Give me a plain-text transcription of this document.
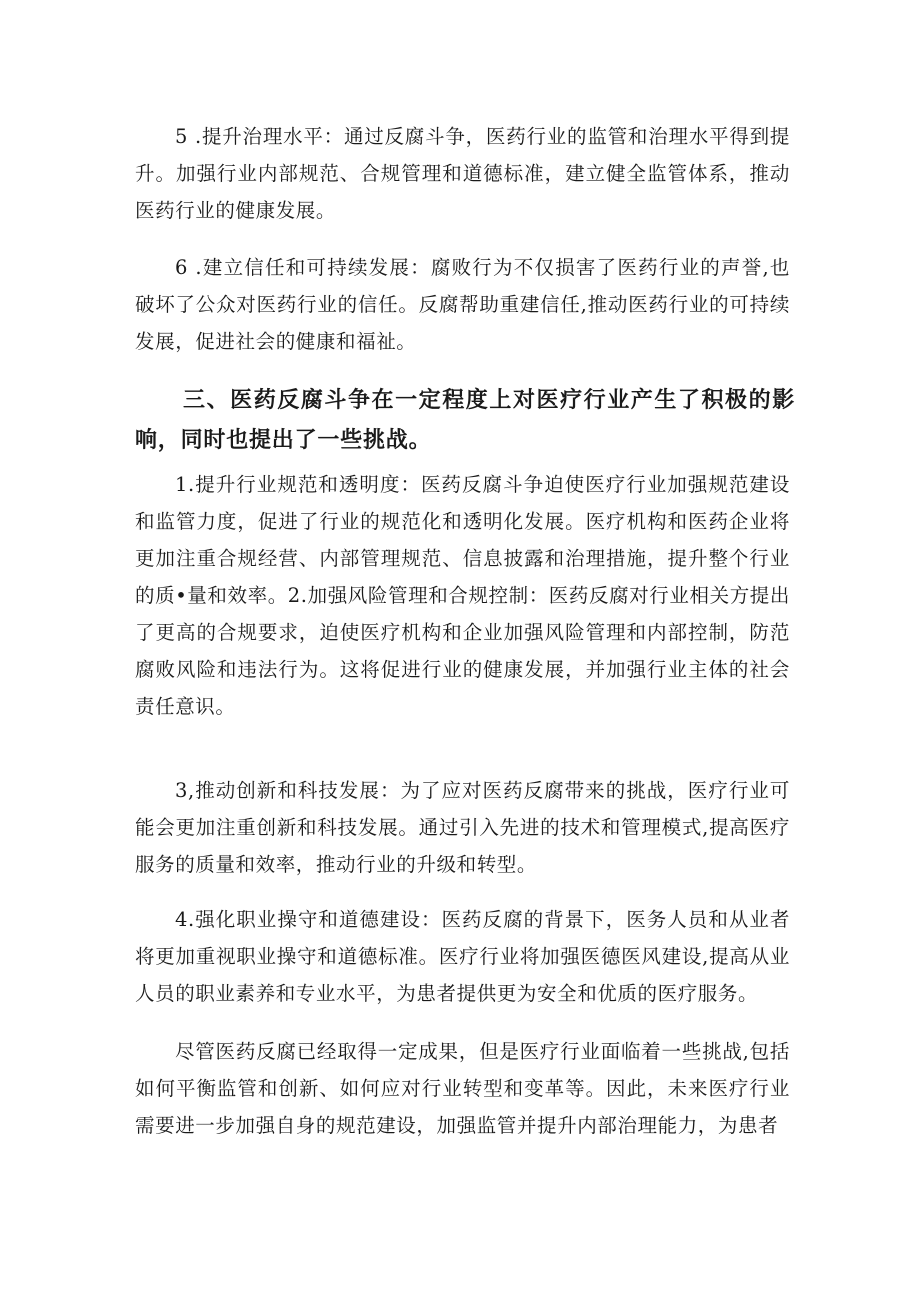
5 .提升治理水平：通过反腐斗争，医药行业的监管和治理水平得到提升。加强行业内部规范、合规管理和道德标准，建立健全监管体系，推动医药行业的健康发展。

6 .建立信任和可持续发展：腐败行为不仅损害了医药行业的声誉,也破坏了公众对医药行业的信任。反腐帮助重建信任,推动医药行业的可持续发展，促进社会的健康和福祉。

三、医药反腐斗争在一定程度上对医疗行业产生了积极的影响，同时也提出了一些挑战。

1.提升行业规范和透明度：医药反腐斗争迫使医疗行业加强规范建设和监管力度，促进了行业的规范化和透明化发展。医疗机构和医药企业将更加注重合规经营、内部管理规范、信息披露和治理措施，提升整个行业的质•量和效率。2.加强风险管理和合规控制：医药反腐对行业相关方提出了更高的合规要求，迫使医疗机构和企业加强风险管理和内部控制，防范腐败风险和违法行为。这将促进行业的健康发展，并加强行业主体的社会责任意识。

3,推动创新和科技发展：为了应对医药反腐带来的挑战，医疗行业可能会更加注重创新和科技发展。通过引入先进的技术和管理模式,提高医疗服务的质量和效率，推动行业的升级和转型。

4.强化职业操守和道德建设：医药反腐的背景下，医务人员和从业者将更加重视职业操守和道德标准。医疗行业将加强医德医风建设,提高从业人员的职业素养和专业水平，为患者提供更为安全和优质的医疗服务。

尽管医药反腐已经取得一定成果，但是医疗行业面临着一些挑战,包括如何平衡监管和创新、如何应对行业转型和变革等。因此，未来医疗行业需要进一步加强自身的规范建设，加强监管并提升内部治理能力，为患者
